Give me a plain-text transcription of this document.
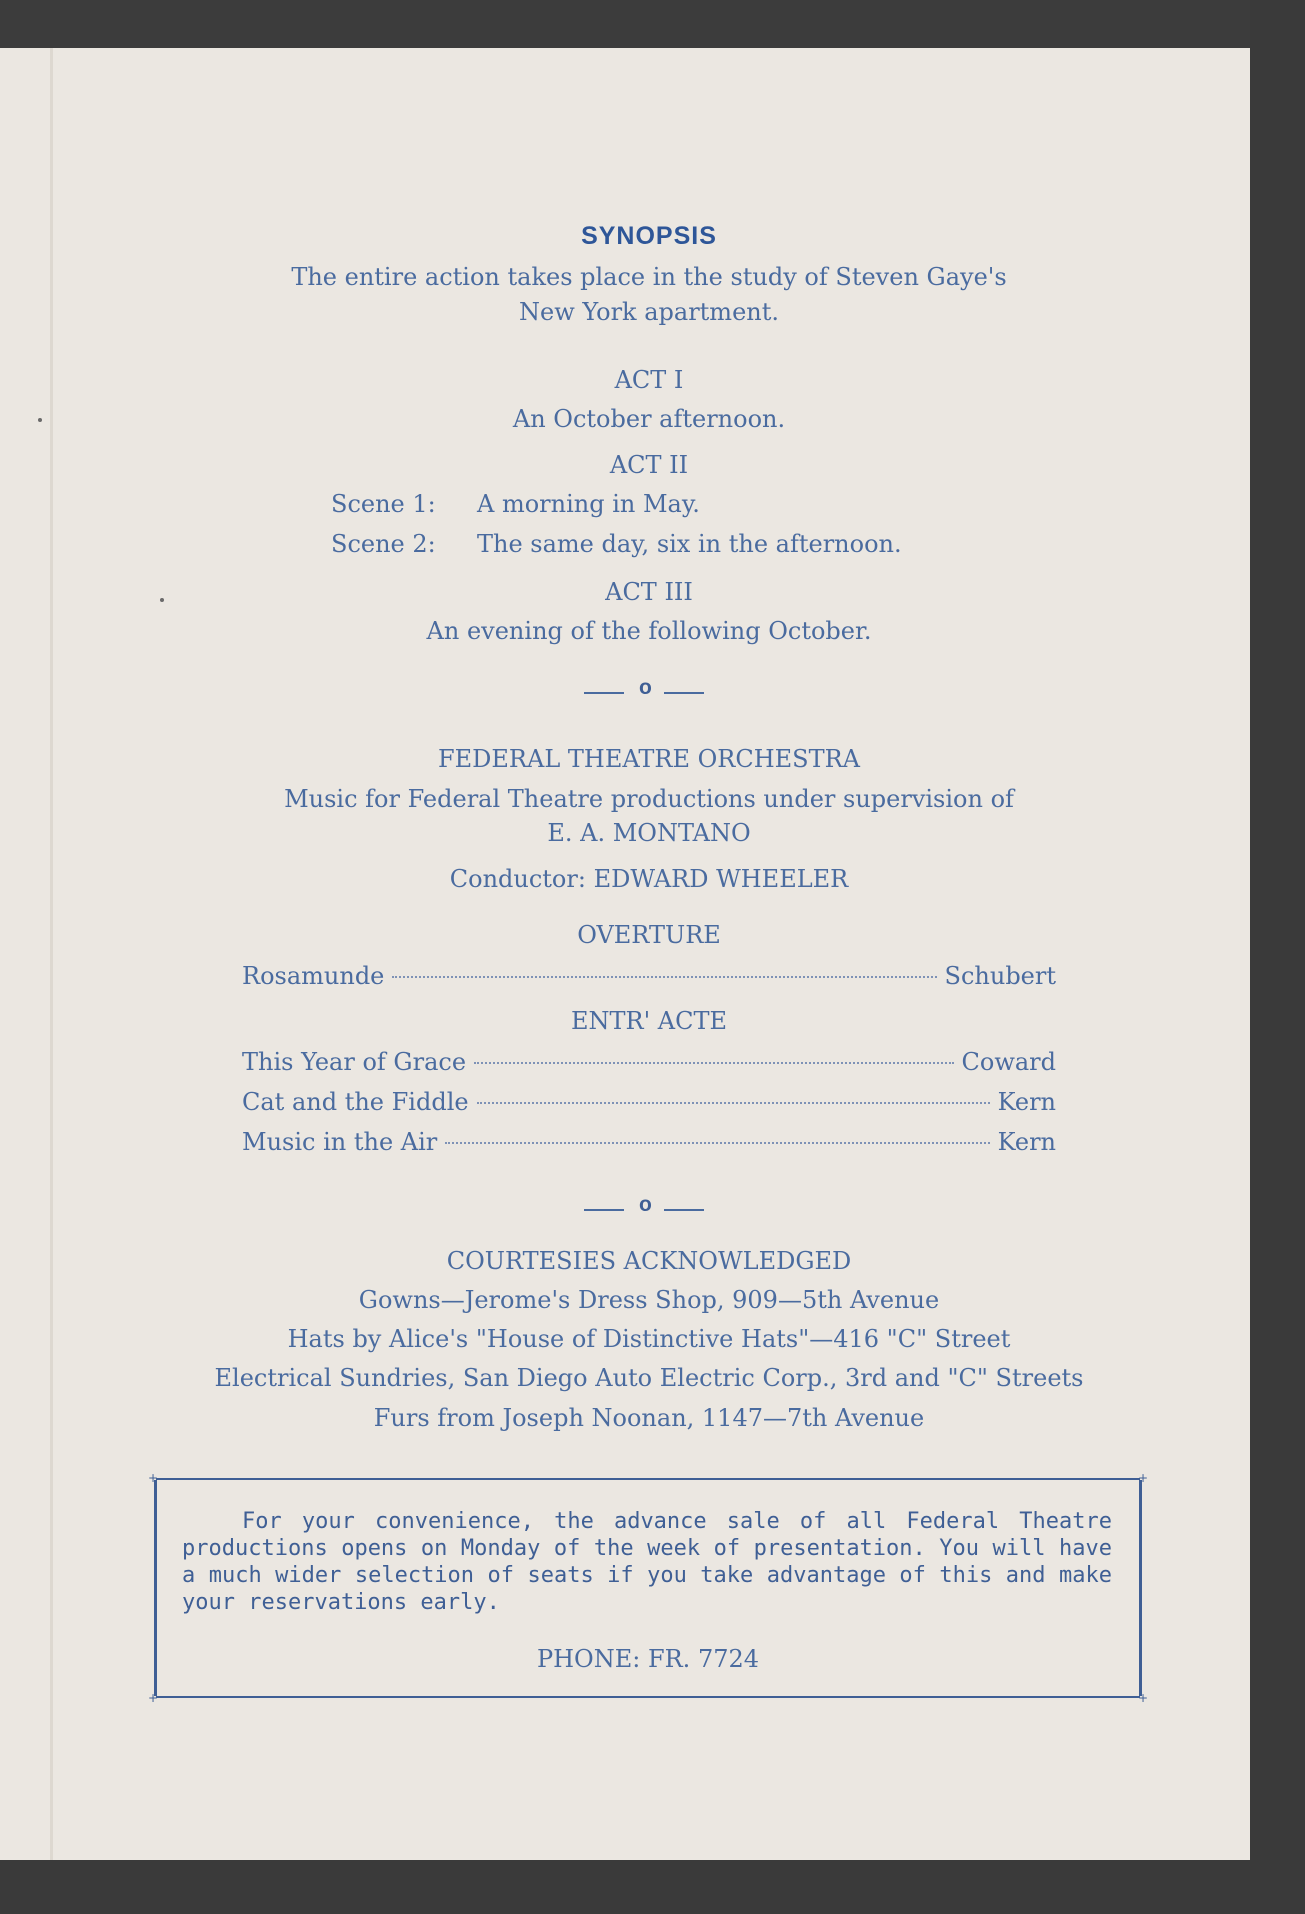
SYNOPSIS
The entire action takes place in the study of Steven Gaye's
New York apartment.
ACT I
An October afternoon.
ACT II
Scene 1: A morning in May.
Scene 2: The same day, six in the afternoon.
ACT III
An evening of the following October.
o
FEDERAL THEATRE ORCHESTRA
Music for Federal Theatre productions under supervision of
E. A. MONTANO
Conductor: EDWARD WHEELER
OVERTURE
Rosamunde	Schubert
ENTR' ACTE
This Year of Grace	Coward
Cat and the Fiddle	Kern
Music in the Air	Kern
o
COURTESIES ACKNOWLEDGED
Gowns—Jerome's Dress Shop, 909—5th Avenue
Hats by Alice's "House of Distinctive Hats"—416 "C" Street
Electrical Sundries, San Diego Auto Electric Corp., 3rd and "C" Streets
Furs from Joseph Noonan, 1147—7th Avenue
+	+
+	+
For your convenience, the advance sale of all Federal Theatre productions opens on Monday of the week of presentation. You will have a much wider selection of seats if you take advantage of this and make your reservations early.
PHONE: FR. 7724
